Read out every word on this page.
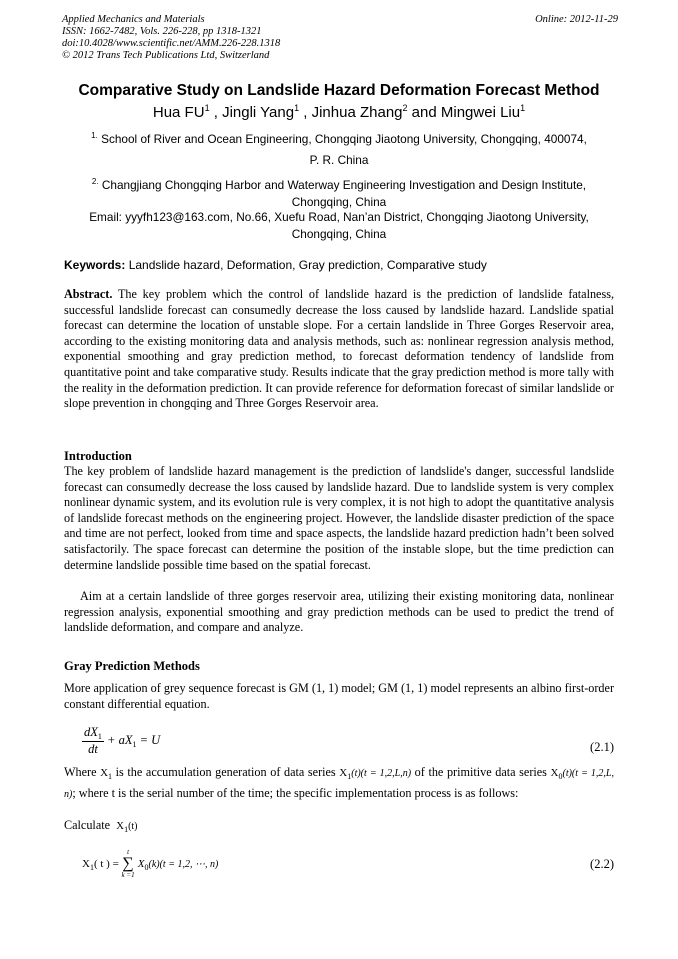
Applied Mechanics and Materials
ISSN: 1662-7482, Vols. 226-228, pp 1318-1321
doi:10.4028/www.scientific.net/AMM.226-228.1318
© 2012 Trans Tech Publications Ltd, Switzerland
Online: 2012-11-29
Comparative Study on Landslide Hazard Deformation Forecast Method
Hua $FU^1$ , Jingli Yang$^1$ , Jinhua Zhang$^2$ and Mingwei Liu$^1$
$^{1.}$ School of River and Ocean Engineering, Chongqing Jiaotong University, Chongqing, 400074,
P. R. China
$^{2.}$ Changjiang Chongqing Harbor and Waterway Engineering Investigation and Design Institute,
Chongqing, China
Email: yyyfh123@163.com, No.66, Xuefu Road, Nan’an District, Chongqing Jiaotong University,
Chongqing, China
Keywords: Landslide hazard, Deformation, Gray prediction, Comparative study
Abstract. The key problem which the control of landslide hazard is the prediction of landslide fatalness, successful landslide forecast can consumedly decrease the loss caused by landslide hazard. Landslide spatial forecast can determine the location of unstable slope. For a certain landslide in Three Gorges Reservoir area, according to the existing monitoring data and analysis methods, such as: nonlinear regression analysis method, exponential smoothing and gray prediction method, to forecast deformation tendency of landslide from quantitative point and take comparative study. Results indicate that the gray prediction method is more tally with the reality in the deformation prediction. It can provide reference for deformation forecast of similar landslide or slope prevention in chongqing and Three Gorges Reservoir area.
Introduction
The key problem of landslide hazard management is the prediction of landslide's danger, successful landslide forecast can consumedly decrease the loss caused by landslide hazard. Due to landslide system is very complex nonlinear dynamic system, and its evolution rule is very complex, it is not high to adopt the quantitative analysis of landslide forecast methods on the engineering project. However, the landslide disaster prediction of the space and time are not perfect, looked from time and space aspects, the landslide hazard prediction hadn’t been solved satisfactorily. The space forecast can determine the position of the instable slope, but the time prediction can determine landslide possible time based on the spatial forecast.
Aim at a certain landslide of three gorges reservoir area, utilizing their existing monitoring data, nonlinear regression analysis, exponential smoothing and gray prediction methods can be used to predict the trend of landslide deformation, and compare and analyze.
Gray Prediction Methods
More application of grey sequence forecast is GM (1, 1) model; GM (1, 1) model represents an albino first-order constant differential equation.
$\frac{dX_1}{dt} + aX_1 = U$
(2.1)
Where $X_1$ is the accumulation generation of data series $X_1(t)(t = 1,2,L,n)$ of the primitive data series $X_0(t)(t = 1,2,L$, n); where t is the serial number of the time; the specific implementation process is as follows:
Calculate $X_1(t)$
$X_1$( t ) =
t
∑
k =1
$X_0(k)(t = 1,2$, ⋯, n)	(2.2)
